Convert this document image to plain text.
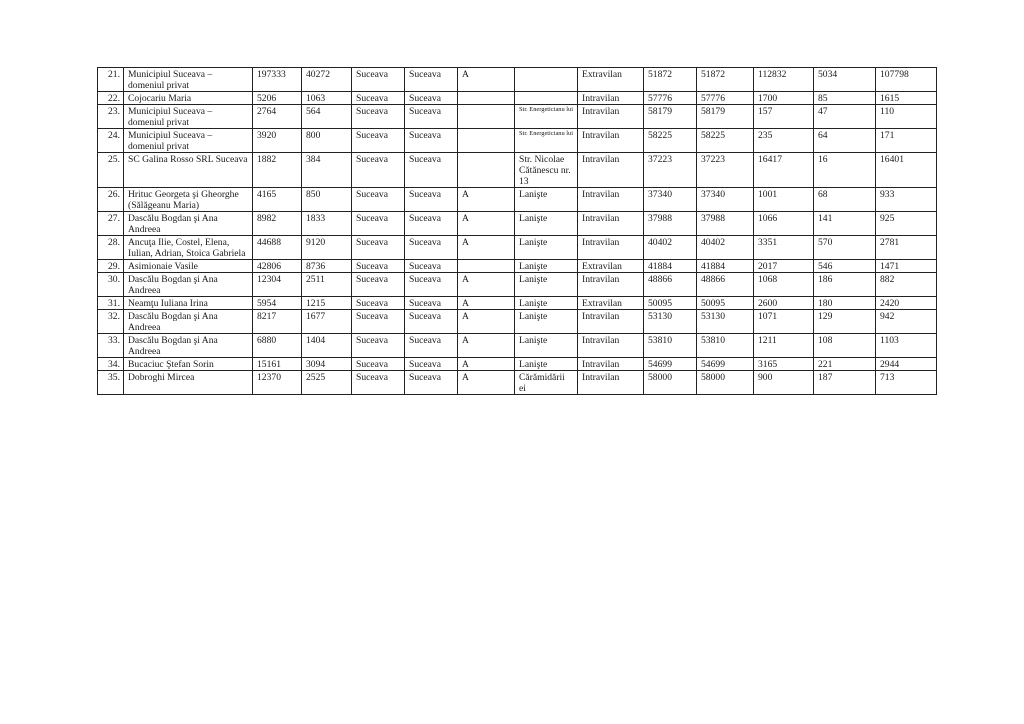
21.	Municipiul Suceava – domeniul privat	197333	40272	Suceava	Suceava	A		Extravilan	51872	51872	112832	5034	107798
22.	Cojocariu Maria	5206	1063	Suceava	Suceava			Intravilan	57776	57776	1700	85	1615
23.	Municipiul Suceava – domeniul privat	2764	564	Suceava	Suceava		Str. Energeticianu lui	Intravilan	58179	58179	157	47	110
24.	Municipiul Suceava – domeniul privat	3920	800	Suceava	Suceava		Str. Energeticianu lui	Intravilan	58225	58225	235	64	171
25.	SC Galina Rosso SRL Suceava	1882	384	Suceava	Suceava		Str. Nicolae Cătănescu nr. 13	Intravilan	37223	37223	16417	16	16401
26.	Hrituc Georgeta şi Gheorghe (Sălăgeanu Maria)	4165	850	Suceava	Suceava	A	Lanişte	Intravilan	37340	37340	1001	68	933
27.	Dascălu Bogdan şi Ana Andreea	8982	1833	Suceava	Suceava	A	Lanişte	Intravilan	37988	37988	1066	141	925
28.	Ancuţa Ilie, Costel, Elena, Iulian, Adrian, Stoica Gabriela	44688	9120	Suceava	Suceava	A	Lanişte	Intravilan	40402	40402	3351	570	2781
29.	Asimionaie Vasile	42806	8736	Suceava	Suceava		Lanişte	Extravilan	41884	41884	2017	546	1471
30.	Dascălu Bogdan şi Ana Andreea	12304	2511	Suceava	Suceava	A	Lanişte	Intravilan	48866	48866	1068	186	882
31.	Neamţu Iuliana Irina	5954	1215	Suceava	Suceava	A	Lanişte	Extravilan	50095	50095	2600	180	2420
32.	Dascălu Bogdan şi Ana Andreea	8217	1677	Suceava	Suceava	A	Lanişte	Intravilan	53130	53130	1071	129	942
33.	Dascălu Bogdan şi Ana Andreea	6880	1404	Suceava	Suceava	A	Lanişte	Intravilan	53810	53810	1211	108	1103
34.	Bucaciuc Ştefan Sorin	15161	3094	Suceava	Suceava	A	Lanişte	Intravilan	54699	54699	3165	221	2944
35.	Dobroghi Mircea	12370	2525	Suceava	Suceava	A	Cărămidării ei	Intravilan	58000	58000	900	187	713
